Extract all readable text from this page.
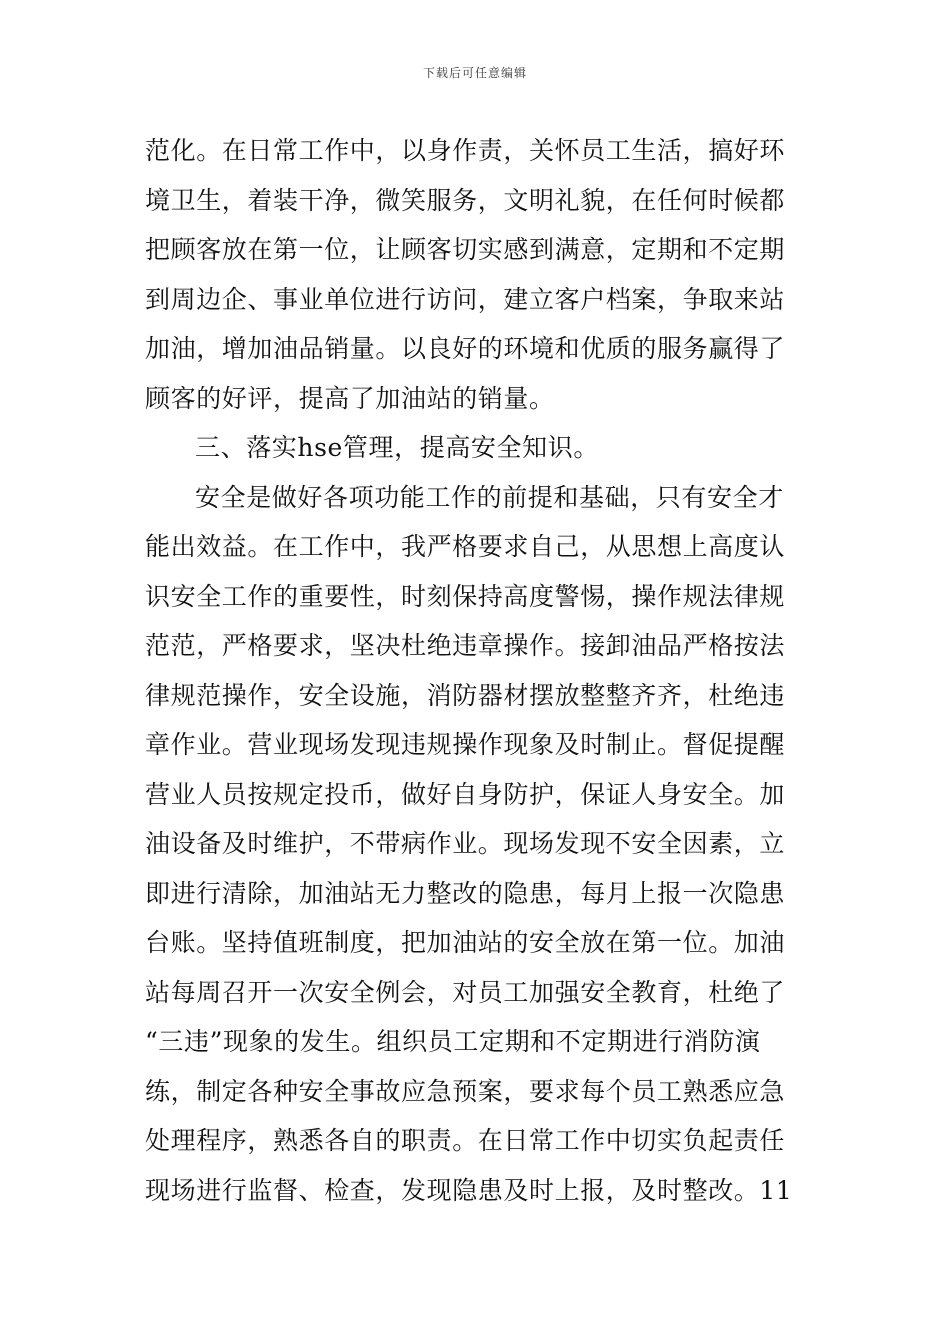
下载后可任意编辑
范化。在日常工作中，以身作责，关怀员工生活，搞好环
境卫生，着装干净，微笑服务，文明礼貌，在任何时候都
把顾客放在第一位，让顾客切实感到满意，定期和不定期
到周边企、事业单位进行访问，建立客户档案，争取来站
加油，增加油品销量。以良好的环境和优质的服务赢得了
顾客的好评，提高了加油站的销量。
三、落实hse管理，提高安全知识。
安全是做好各项功能工作的前提和基础，只有安全才
能出效益。在工作中，我严格要求自己，从思想上高度认
识安全工作的重要性，时刻保持高度警惕，操作规法律规
范范，严格要求，坚决杜绝违章操作。接卸油品严格按法
律规范操作，安全设施，消防器材摆放整整齐齐，杜绝违
章作业。营业现场发现违规操作现象及时制止。督促提醒
营业人员按规定投币，做好自身防护，保证人身安全。加
油设备及时维护，不带病作业。现场发现不安全因素，立
即进行清除，加油站无力整改的隐患，每月上报一次隐患
台账。坚持值班制度，把加油站的安全放在第一位。加油
站每周召开一次安全例会，对员工加强安全教育，杜绝了
“三违”现象的发生。组织员工定期和不定期进行消防演
练，制定各种安全事故应急预案，要求每个员工熟悉应急
处理程序，熟悉各自的职责。在日常工作中切实负起责任
现场进行监督、检查，发现隐患及时上报，及时整改。11
